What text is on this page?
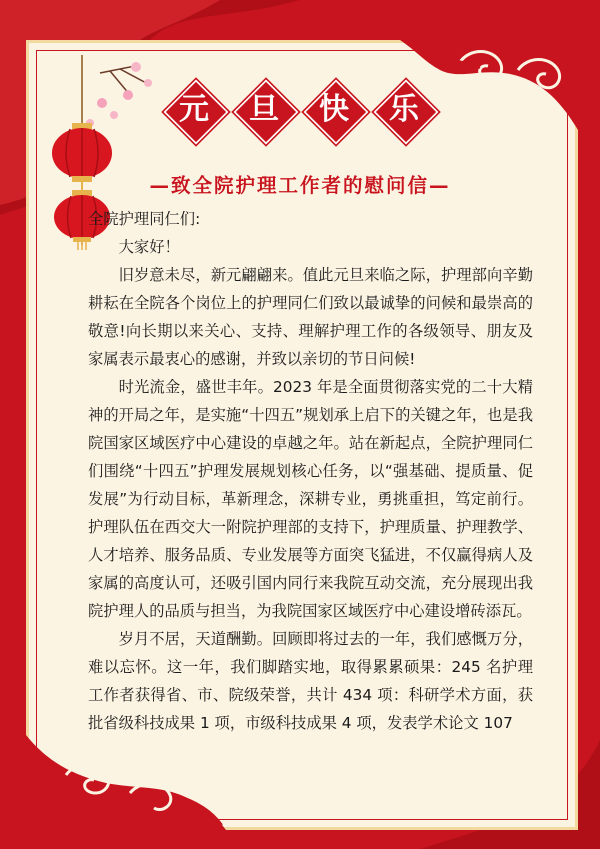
元	旦	快	乐
—致全院护理工作者的慰问信—

全院护理同仁们:

大家好！

旧岁意未尽，新元翩翩来。值此元旦来临之际，护理部向辛勤耕耘在全院各个岗位上的护理同仁们致以最诚挚的问候和最崇高的敬意!向长期以来关心、支持、理解护理工作的各级领导、朋友及家属表示最衷心的感谢，并致以亲切的节日问候!

时光流金，盛世丰年。2023 年是全面贯彻落实党的二十大精神的开局之年，是实施“十四五”规划承上启下的关键之年，也是我院国家区域医疗中心建设的卓越之年。站在新起点，全院护理同仁们围绕“十四五”护理发展规划核心任务，以“强基础、提质量、促发展”为行动目标，革新理念，深耕专业，勇挑重担，笃定前行。护理队伍在西交大一附院护理部的支持下，护理质量、护理教学、人才培养、服务品质、专业发展等方面突飞猛进，不仅赢得病人及家属的高度认可，还吸引国内同行来我院互动交流，充分展现出我院护理人的品质与担当，为我院国家区域医疗中心建设增砖添瓦。

岁月不居，天道酬勤。回顾即将过去的一年，我们感慨万分，难以忘怀。这一年，我们脚踏实地，取得累累硕果：245 名护理工作者获得省、市、院级荣誉，共计 434 项：科研学术方面，获批省级科技成果 1 项，市级科技成果 4 项，发表学术论文 107
